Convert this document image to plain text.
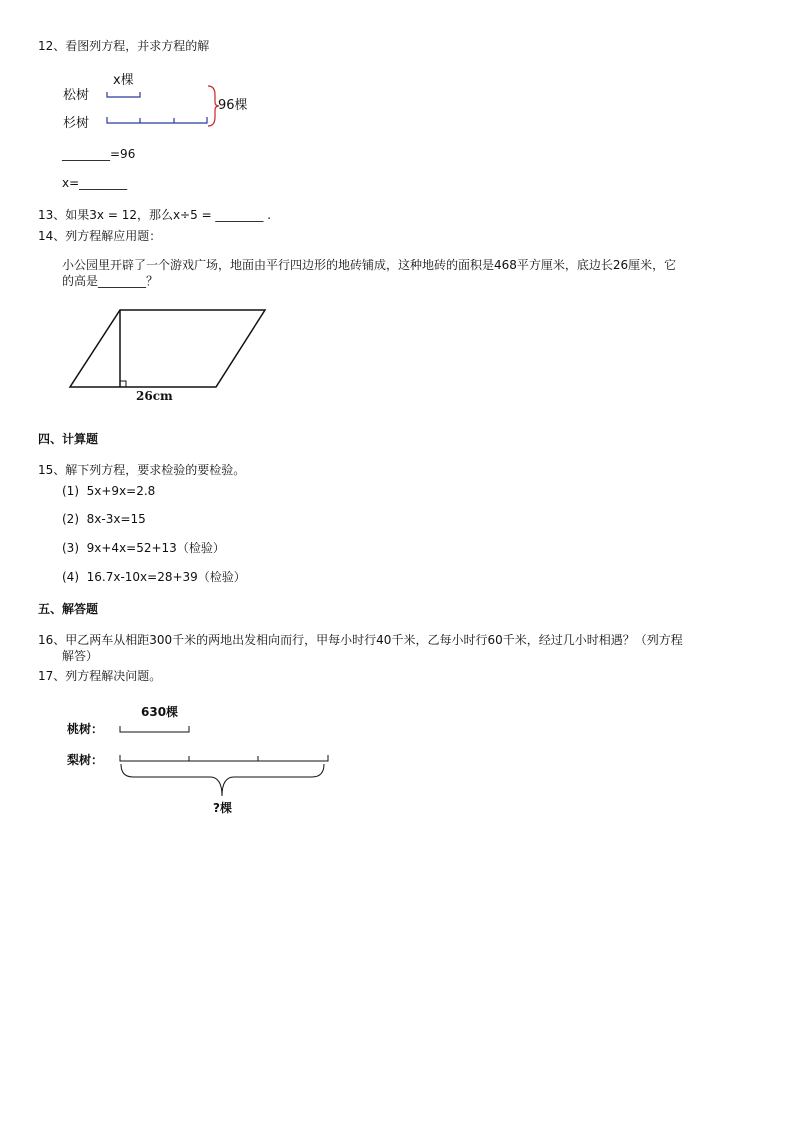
12、看图列方程，并求方程的解
松树
杉树
x棵
96棵
________=96
x=________
13、如果3x = 12，那么x÷5 = ________ .
14、列方程解应用题：
小公园里开辟了一个游戏广场，地面由平行四边形的地砖铺成，这种地砖的面积是468平方厘米，底边长26厘米，它
的高是________？
26cm
四、计算题
15、解下列方程，要求检验的要检验。
(1) 5x+9x=2.8
(2) 8x-3x=15
(3) 9x+4x=52+13（检验）
(4) 16.7x-10x=28+39（检验）
五、解答题
16、甲乙两车从相距300千米的两地出发相向而行，甲每小时行40千米，乙每小时行60千米，经过几小时相遇？（列方程
解答）
17、列方程解决问题。
630棵
桃树：
梨树：
?棵
